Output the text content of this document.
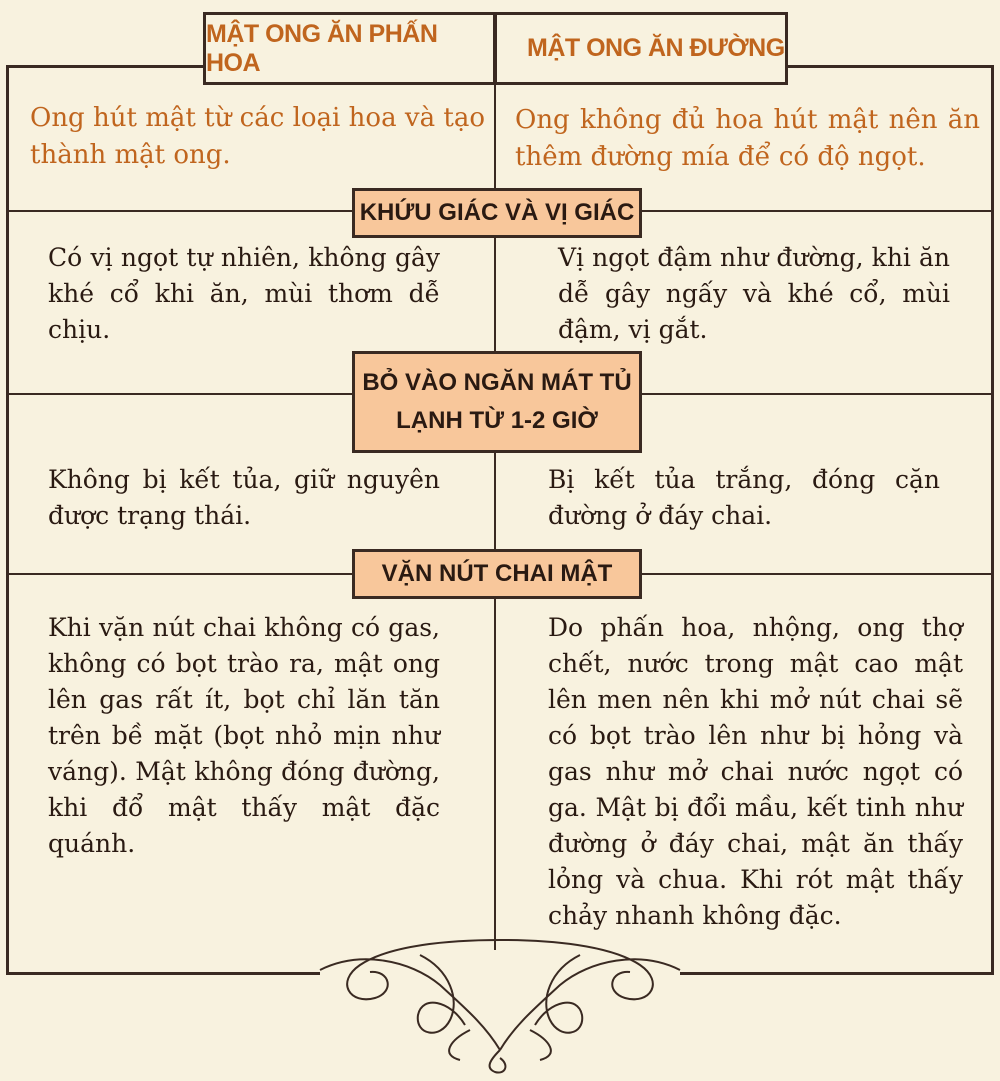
MẬT ONG ĂN PHẤN HOA
MẬT ONG ĂN ĐƯỜNG
Ong hút mật từ các loại hoa và tạo thành mật ong.
Ong không đủ hoa hút mật nên ăn thêm đường mía để có độ ngọt.
KHỨU GIÁC VÀ VỊ GIÁC
Có vị ngọt tự nhiên, không gây khé cổ khi ăn, mùi thơm dễ chịu.
Vị ngọt đậm như đường, khi ăn dễ gây ngấy và khé cổ, mùi đậm, vị gắt.
BỎ VÀO NGĂN MÁT TỦ
LẠNH TỪ 1-2 GIỜ
Không bị kết tủa, giữ nguyên được trạng thái.
Bị kết tủa trắng, đóng cặn đường ở đáy chai.
VẶN NÚT CHAI MẬT
Khi vặn nút chai không có gas, không có bọt trào ra, mật ong lên gas rất ít, bọt chỉ lăn tăn trên bề mặt (bọt nhỏ mịn như váng). Mật không đóng đường, khi đổ mật thấy mật đặc quánh.
Do phấn hoa, nhộng, ong thợ chết, nước trong mật cao mật lên men nên khi mở nút chai sẽ có bọt trào lên như bị hỏng và gas như mở chai nước ngọt có ga. Mật bị đổi mầu, kết tinh như đường ở đáy chai, mật ăn thấy lỏng và chua. Khi rót mật thấy chảy nhanh không đặc.
